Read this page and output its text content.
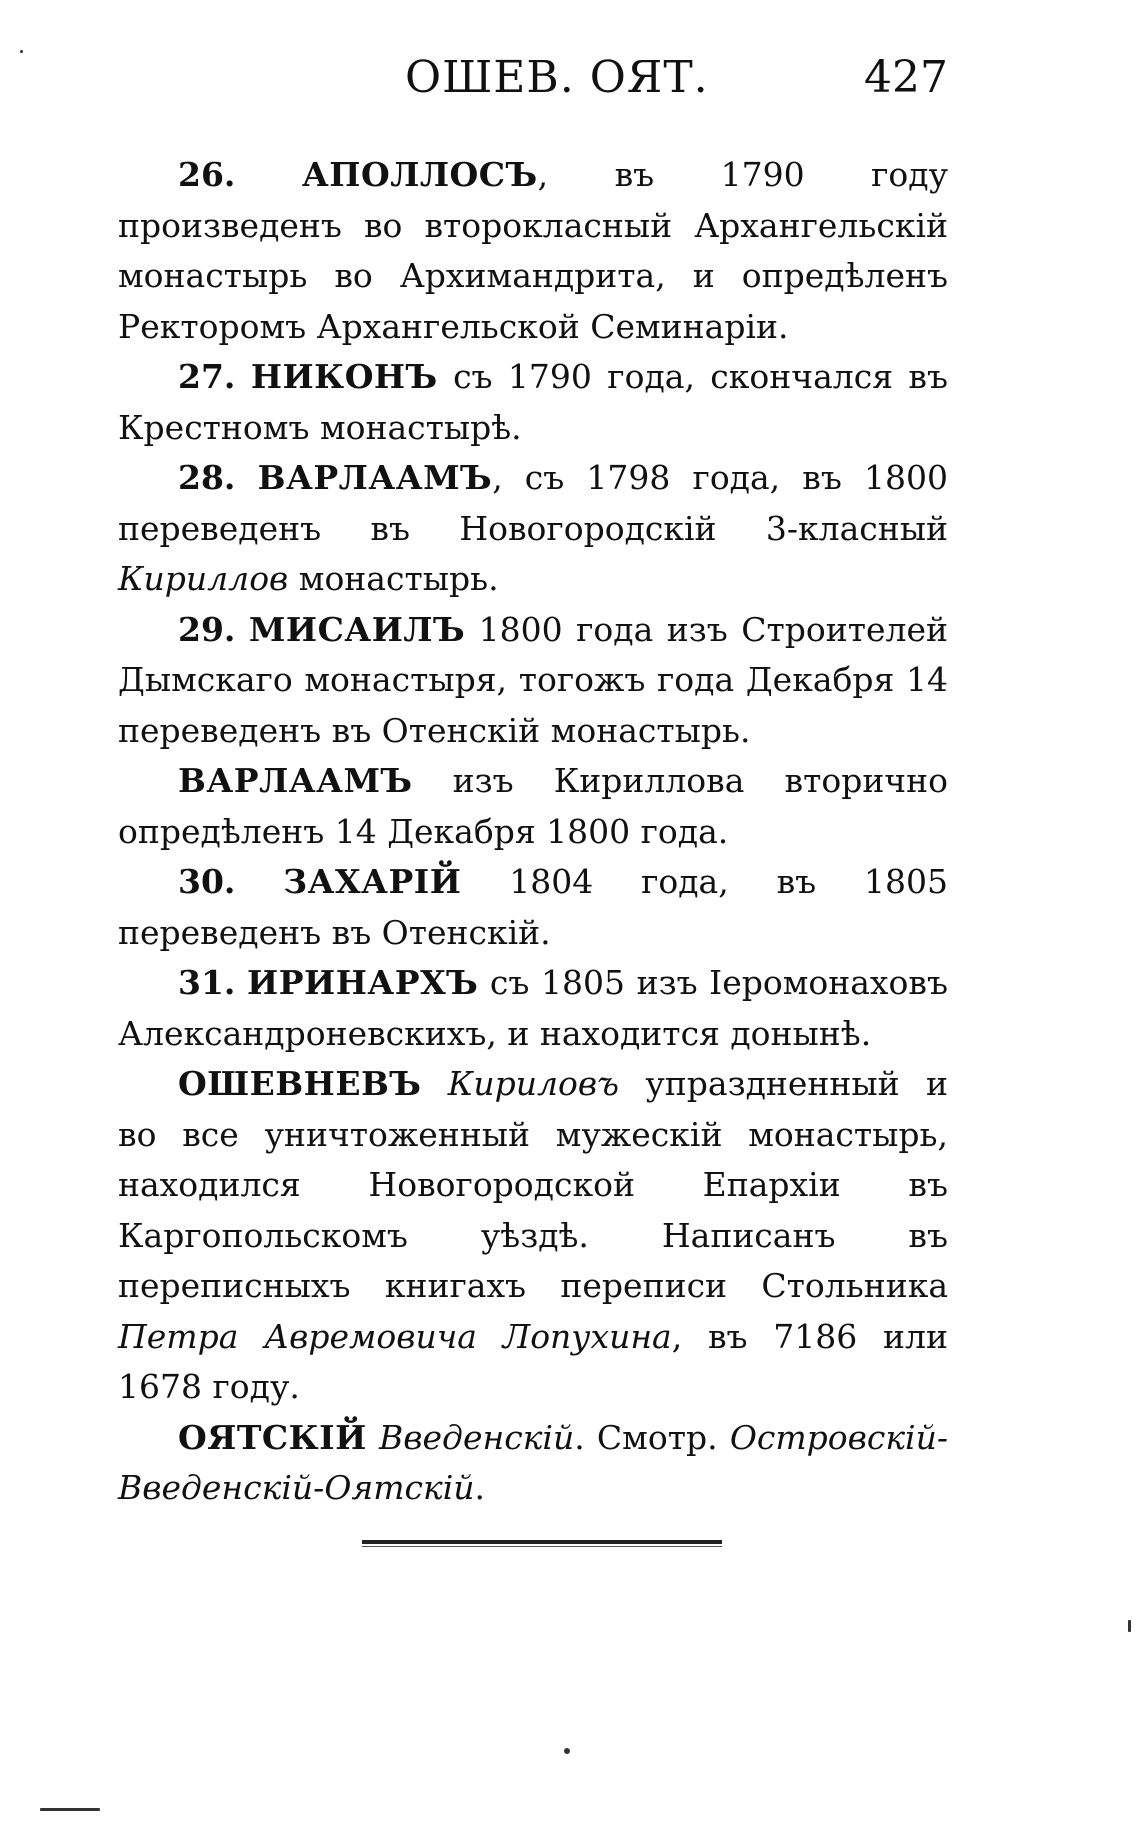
ОШЕВ. ОЯТ.	427

26. АПОЛЛОСЪ, въ 1790 году произведенъ во второкласный Архангельскій монастырь во Архимандрита, и опредѣленъ Ректоромъ Архангельской Семинаріи.

27. НИКОНЪ съ 1790 года, скончался въ Крестномъ монастырѣ.

28. ВАРЛААМЪ, съ 1798 года, въ 1800 переведенъ въ Новогородскій 3-класный Кириллов монастырь.

29. МИСАИЛЪ 1800 года изъ Строителей Дымскаго монастыря, тогожъ года Декабря 14 переведенъ въ Отенскій монастырь.

ВАРЛААМЪ изъ Кириллова вторично опредѣленъ 14 Декабря 1800 года.

30. ЗАХАРІЙ 1804 года, въ 1805 переведенъ въ Отенскій.

31. ИРИНАРХЪ съ 1805 изъ Іеромонаховъ Александроневскихъ, и находится донынѣ.

ОШЕВНЕВЪ Кириловъ упраздненный и во все уничтоженный мужескій монастырь, находился Новогородской Епархіи въ Каргопольскомъ уѣздѣ. Написанъ въ переписныхъ книгахъ переписи Стольника Петра Авремовича Лопухина, въ 7186 или 1678 году.

ОЯТСКІЙ Введенскій. Смотр. Островскій-Введенскій-Оятскій.
